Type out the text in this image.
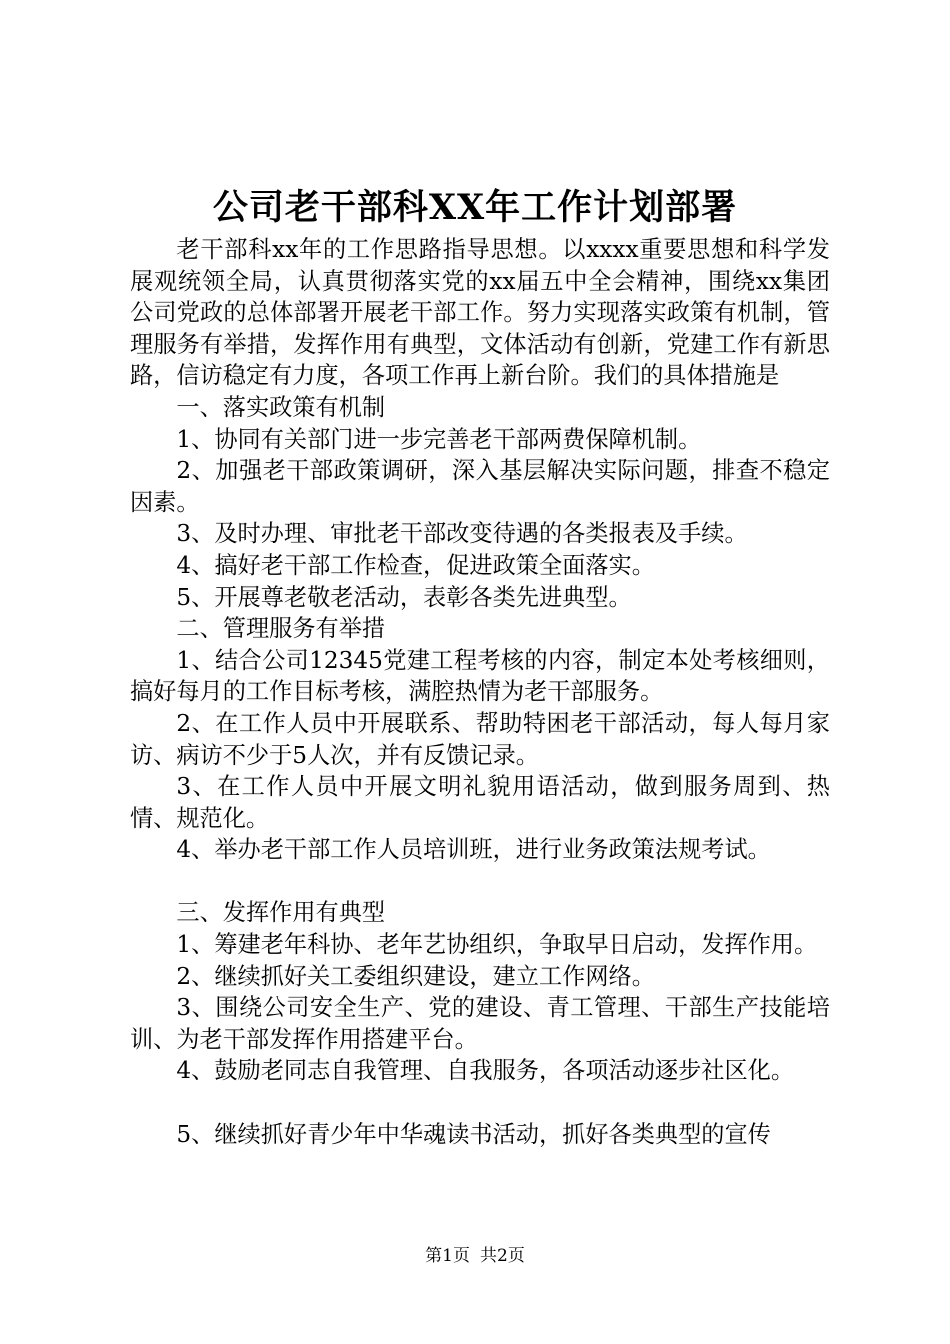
公司老干部科XX年工作计划部署

老干部科xx年的工作思路指导思想。以xxxx重要思想和科学发展观统领全局，认真贯彻落实党的xx届五中全会精神，围绕xx集团公司党政的总体部署开展老干部工作。努力实现落实政策有机制，管理服务有举措，发挥作用有典型，文体活动有创新，党建工作有新思路，信访稳定有力度，各项工作再上新台阶。我们的具体措施是

一、落实政策有机制

1、协同有关部门进一步完善老干部两费保障机制。

2、加强老干部政策调研，深入基层解决实际问题，排查不稳定因素。

3、及时办理、审批老干部改变待遇的各类报表及手续。

4、搞好老干部工作检查，促进政策全面落实。

5、开展尊老敬老活动，表彰各类先进典型。

二、管理服务有举措

1、结合公司12345党建工程考核的内容，制定本处考核细则，搞好每月的工作目标考核，满腔热情为老干部服务。

2、在工作人员中开展联系、帮助特困老干部活动，每人每月家访、病访不少于5人次，并有反馈记录。

3、在工作人员中开展文明礼貌用语活动，做到服务周到、热情、规范化。

4、举办老干部工作人员培训班，进行业务政策法规考试。

三、发挥作用有典型

1、筹建老年科协、老年艺协组织，争取早日启动，发挥作用。

2、继续抓好关工委组织建设，建立工作网络。

3、围绕公司安全生产、党的建设、青工管理、干部生产技能培训、为老干部发挥作用搭建平台。

4、鼓励老同志自我管理、自我服务，各项活动逐步社区化。

5、继续抓好青少年中华魂读书活动，抓好各类典型的宣传

第1页 共2页
